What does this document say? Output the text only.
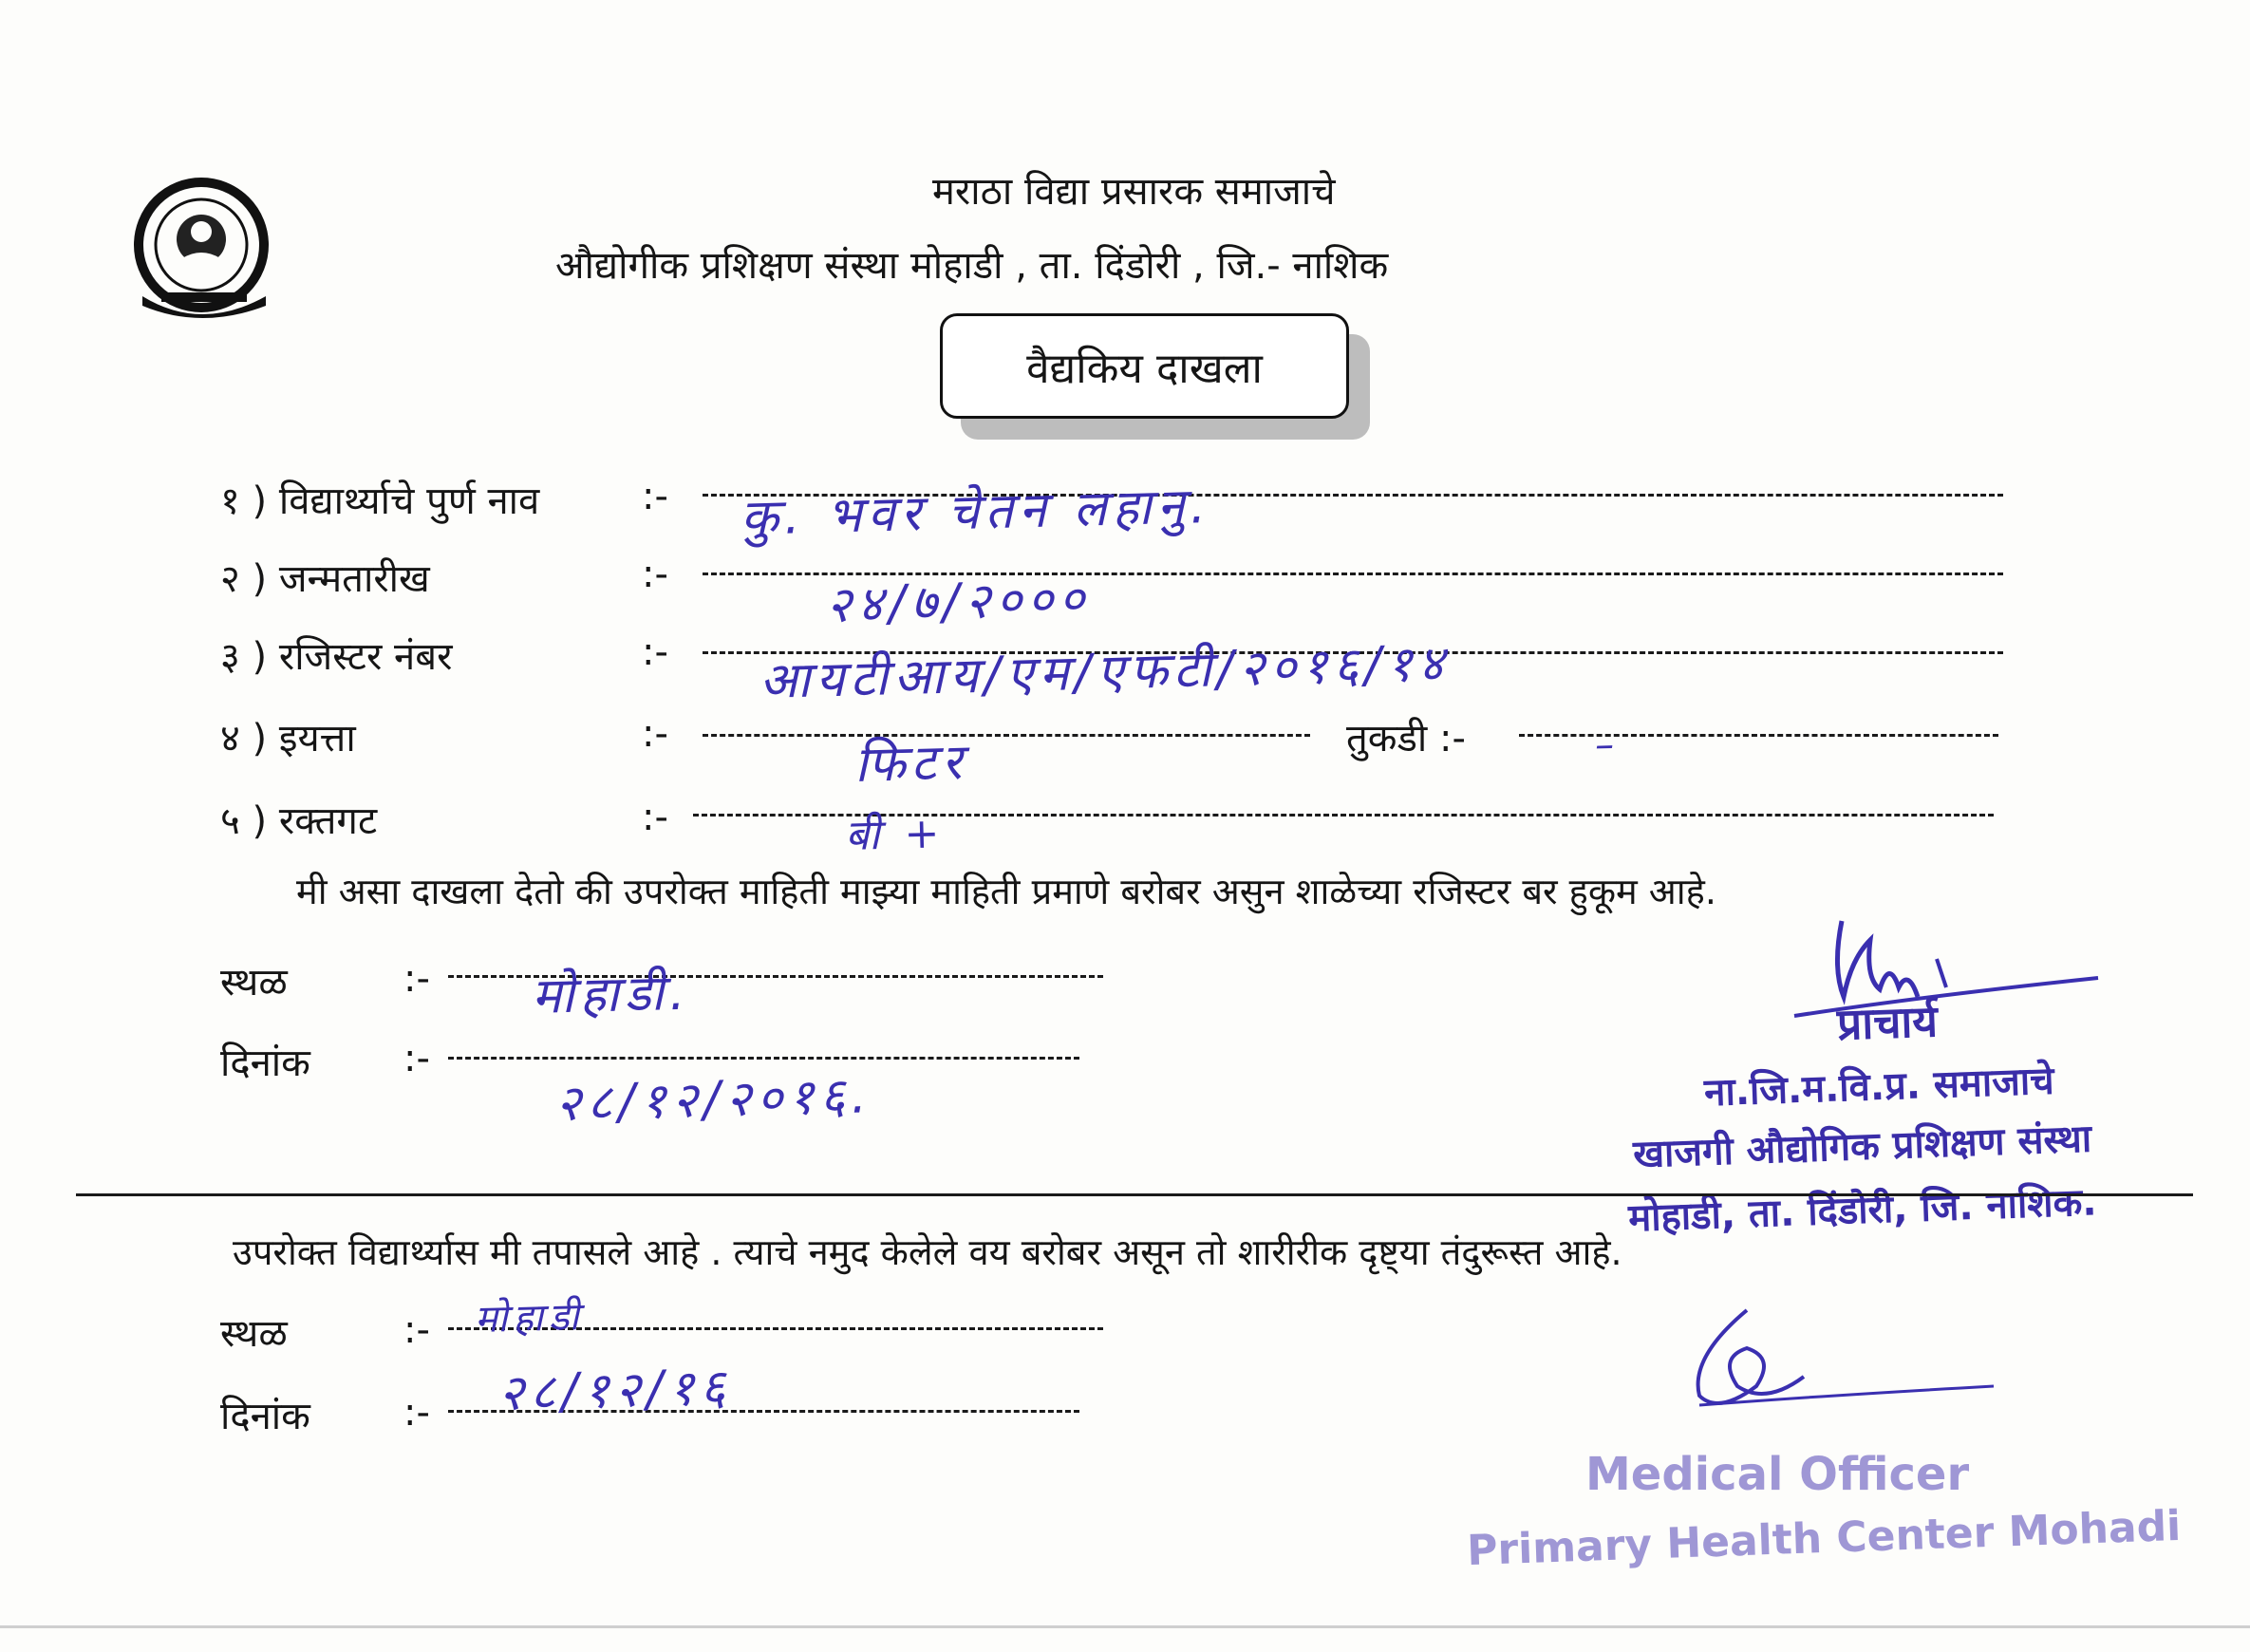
मराठा विद्या प्रसारक समाजाचे
औद्योगीक प्रशिक्षण संस्था मोहाडी , ता. दिंडोरी , जि.- नाशिक
वैद्यकिय दाखला
१ ) विद्यार्थ्याचे पुर्ण नाव	:- कु. भवर चेतन लहानु.
२ ) जन्मतारीख	:-	२४/७/२०००
३ ) रजिस्टर नंबर	:- आयटीआय/एम/एफटी/२०१६/१४
४ ) इयत्ता	:-	फिटर	तुकडी :-	–
५ ) रक्तगट	:-	बी +
मी असा दाखला देतो की उपरोक्त माहिती माझ्या माहिती प्रमाणे बरोबर असुन शाळेच्या रजिस्टर बर हुकूम आहे.
स्थळ	:- मोहाडी.
दिनांक :-
२८/१२/२०१६.
प्राचार्य
ना.जि.म.वि.प्र. समाजाचे
खाजगी औद्योगिक प्रशिक्षण संस्था
मोहाडी, ता. दिंडोरी, जि. नाशिक.
उपरोक्त विद्यार्थ्यास मी तपासले आहे . त्याचे नमुद केलेले वय बरोबर असून तो शारीरीक दृष्ट्या तंदुरूस्त आहे.
स्थळ	:- मोहाडी
दिनांक :- २८/१२/१६
Medical Officer
Primary Health Center Mohadi
